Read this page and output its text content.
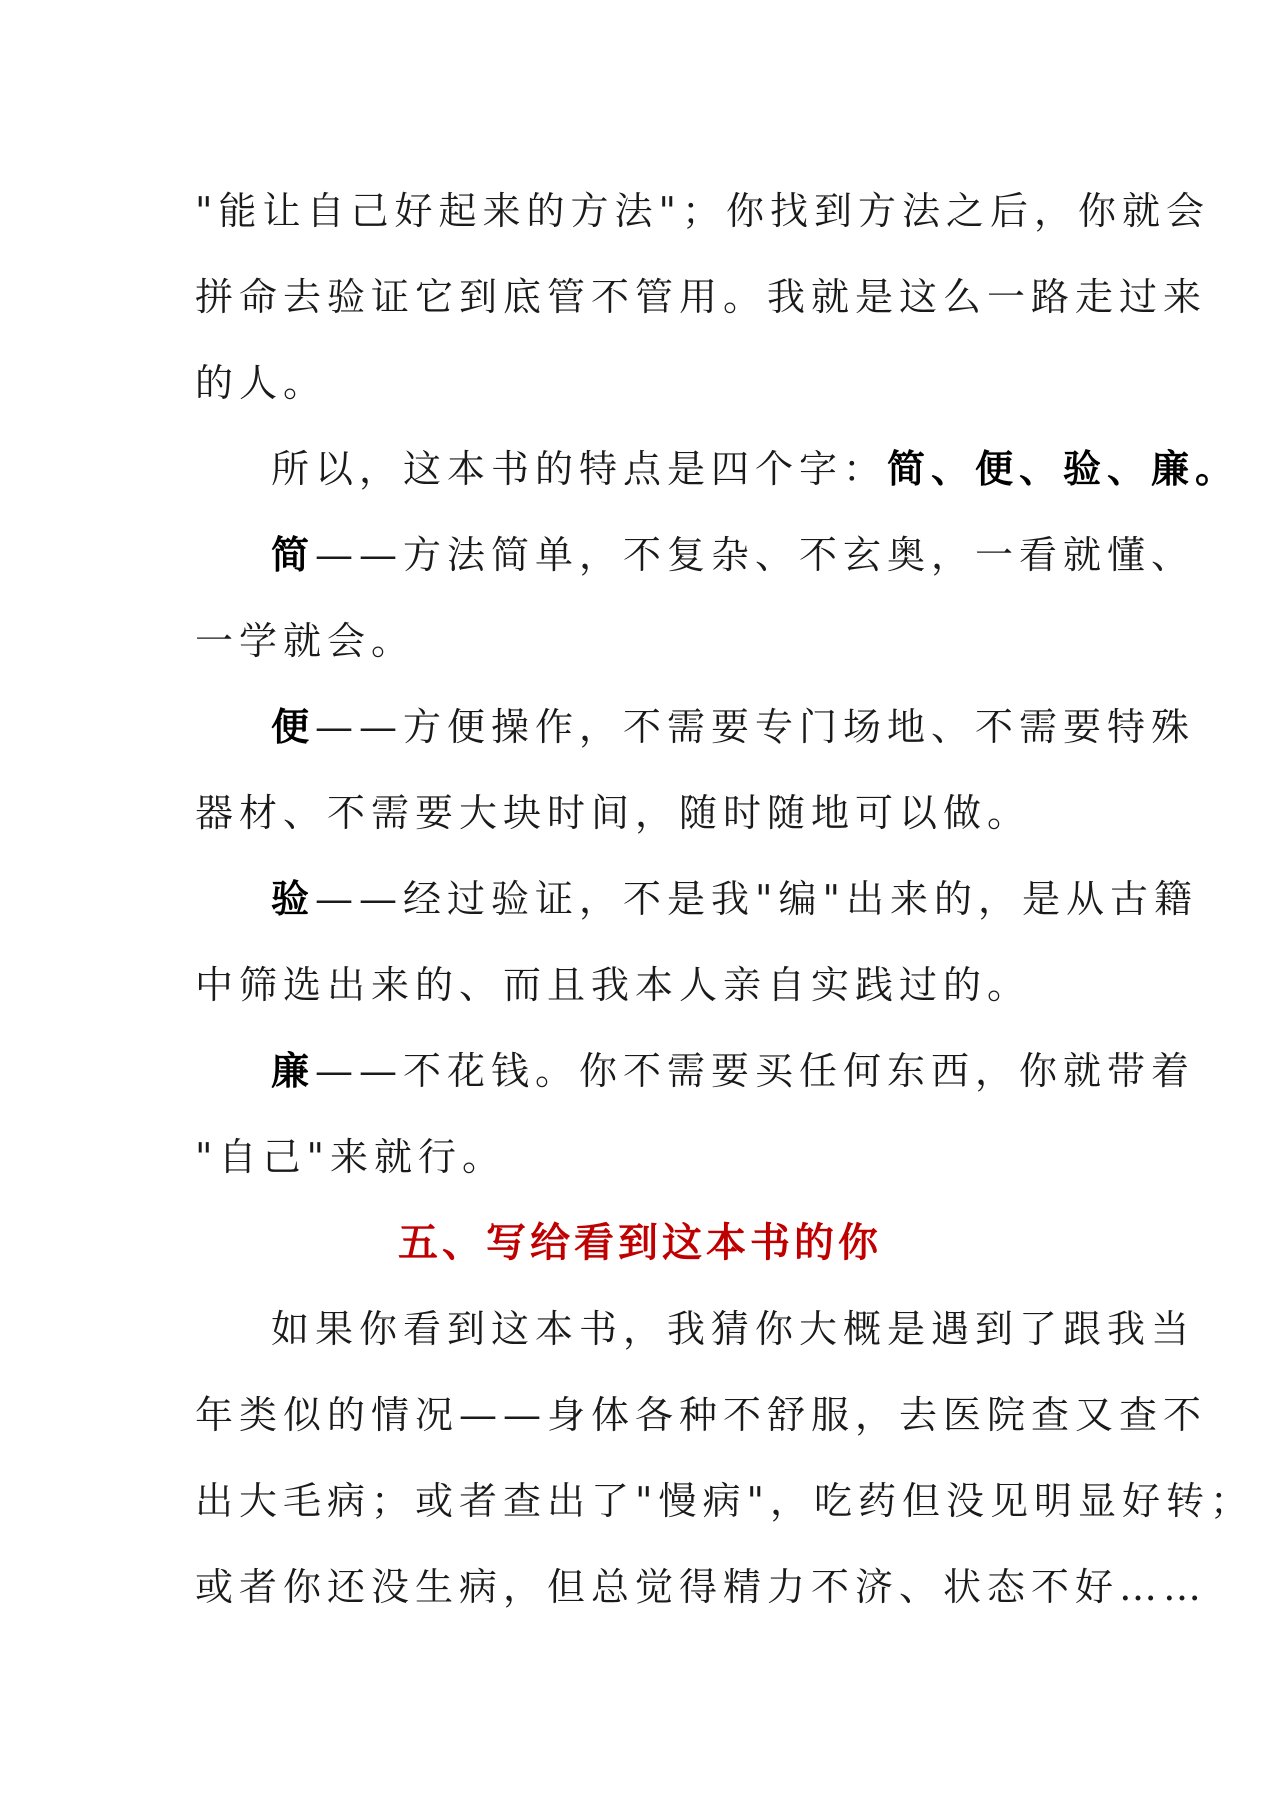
"能让自己好起来的方法"；你找到方法之后，你就会
拼命去验证它到底管不管用。我就是这么一路走过来
的人。
所以，这本书的特点是四个字：简、便、验、廉。
简——方法简单，不复杂、不玄奥，一看就懂、
一学就会。
便——方便操作，不需要专门场地、不需要特殊
器材、不需要大块时间，随时随地可以做。
验——经过验证，不是我"编"出来的，是从古籍
中筛选出来的、而且我本人亲自实践过的。
廉——不花钱。你不需要买任何东西，你就带着
"自己"来就行。
五、写给看到这本书的你
如果你看到这本书，我猜你大概是遇到了跟我当
年类似的情况——身体各种不舒服，去医院查又查不
出大毛病；或者查出了"慢病"，吃药但没见明显好转；
或者你还没生病，但总觉得精力不济、状态不好……
